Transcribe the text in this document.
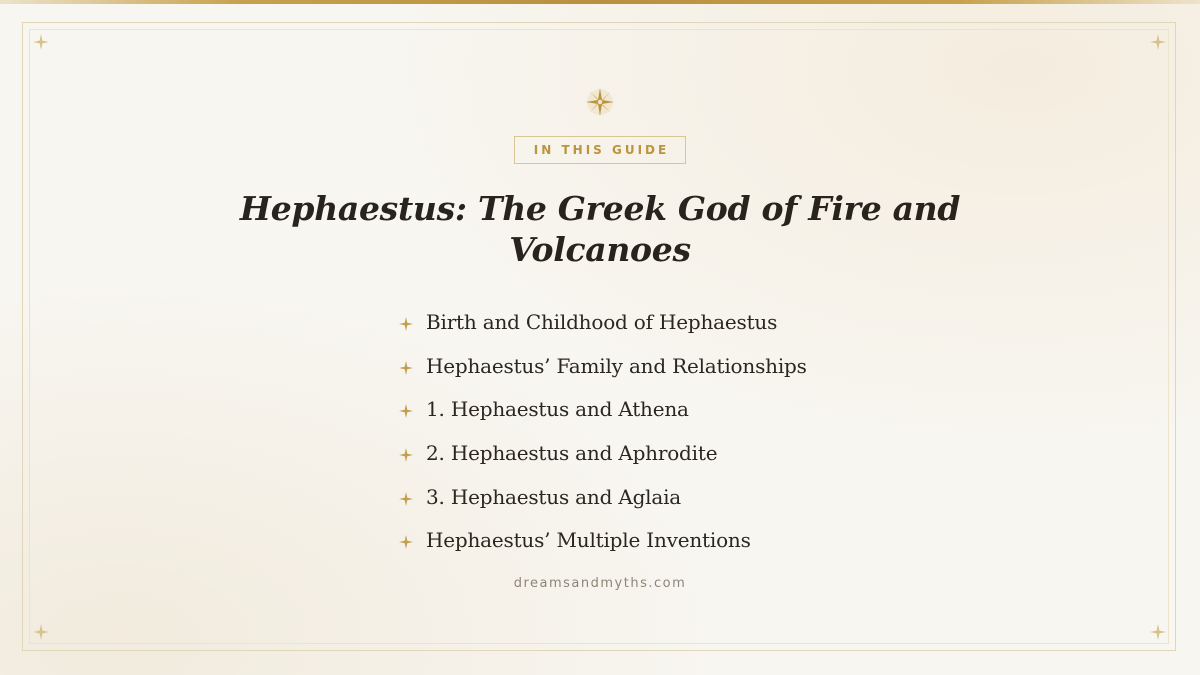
IN THIS GUIDE
Hephaestus: The Greek God of Fire and Volcanoes
Birth and Childhood of Hephaestus
Hephaestus’ Family and Relationships
1. Hephaestus and Athena
2. Hephaestus and Aphrodite
3. Hephaestus and Aglaia
Hephaestus’ Multiple Inventions
dreamsandmyths.com
